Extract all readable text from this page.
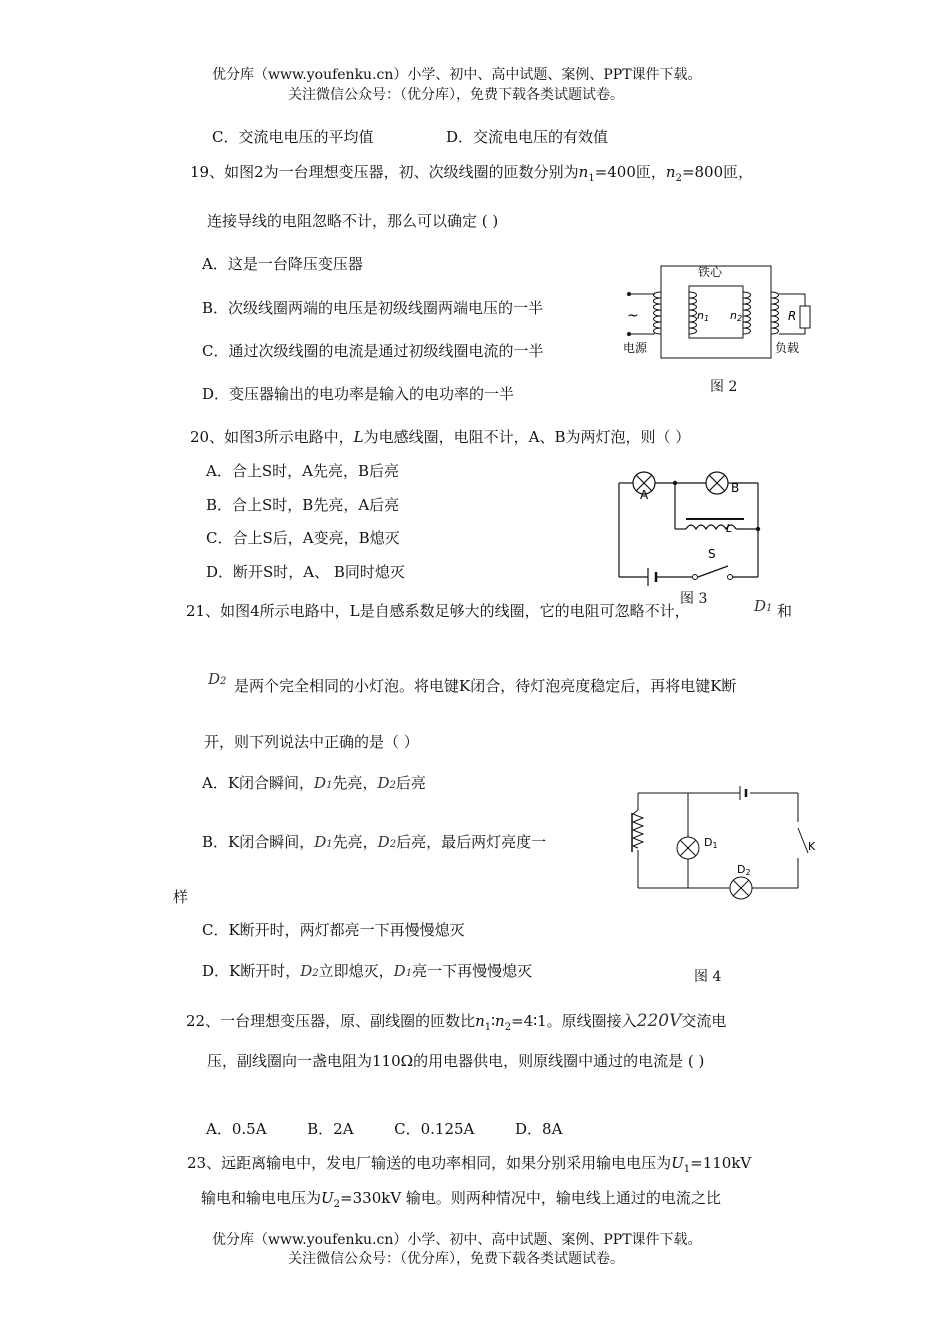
优分库（www.youfenku.cn）小学、初中、高中试题、案例、PPT课件下载。
关注微信公众号：（优分库），免费下载各类试题试卷。
C．交流电电压的平均值	D．交流电电压的有效值
19、如图2为一台理想变压器，初、次级线圈的匝数分别为$n_1=400$匝，$n_2=800$匝，
连接导线的电阻忽略不计，那么可以确定 ( )
A．这是一台降压变压器
B．次级线圈两端的电压是初级线圈两端电压的一半
C．通过次级线圈的电流是通过初级线圈电流的一半
D．变压器输出的电功率是输入的电功率的一半
铁心
~
电源	负载
n1 n2	R
图 2
20、如图3所示电路中，L为电感线圈，电阻不计，A、B为两灯泡，则（ ）
A．合上S时，A先亮，B后亮
B．合上S时，B先亮，A后亮
C．合上S后，A变亮，B熄灭
D．断开S时，A、 B同时熄灭
A	B
L
S
图 3
21、如图4所示电路中，L是自感系数足够大的线圈，它的电阻可忽略不计，	D1 和
D2 是两个完全相同的小灯泡。将电键K闭合，待灯泡亮度稳定后，再将电键K断
开，则下列说法中正确的是（ ）
A．K闭合瞬间，D1先亮，D2后亮
B．K闭合瞬间，D1先亮，D2后亮，最后两灯亮度一
样
C．K断开时，两灯都亮一下再慢慢熄灭
D．K断开时，D2立即熄灭，D1亮一下再慢慢熄灭
D1
D2
K
图 4
22、一台理想变压器，原、副线圈的匝数比$n_1∶n_2=4∶1$。原线圈接入220V交流电
压，副线圈向一盏电阻为110Ω的用电器供电，则原线圈中通过的电流是 ( )
A．0.5A      B．2A      C．0.125A      D．8A
23、远距离输电中，发电厂输送的电功率相同，如果分别采用输电电压为$U_1=110kV$
输电和输电电压为$U_2=330kV$ 输电。则两种情况中，输电线上通过的电流之比
优分库（www.youfenku.cn）小学、初中、高中试题、案例、PPT课件下载。
关注微信公众号：（优分库），免费下载各类试题试卷。
